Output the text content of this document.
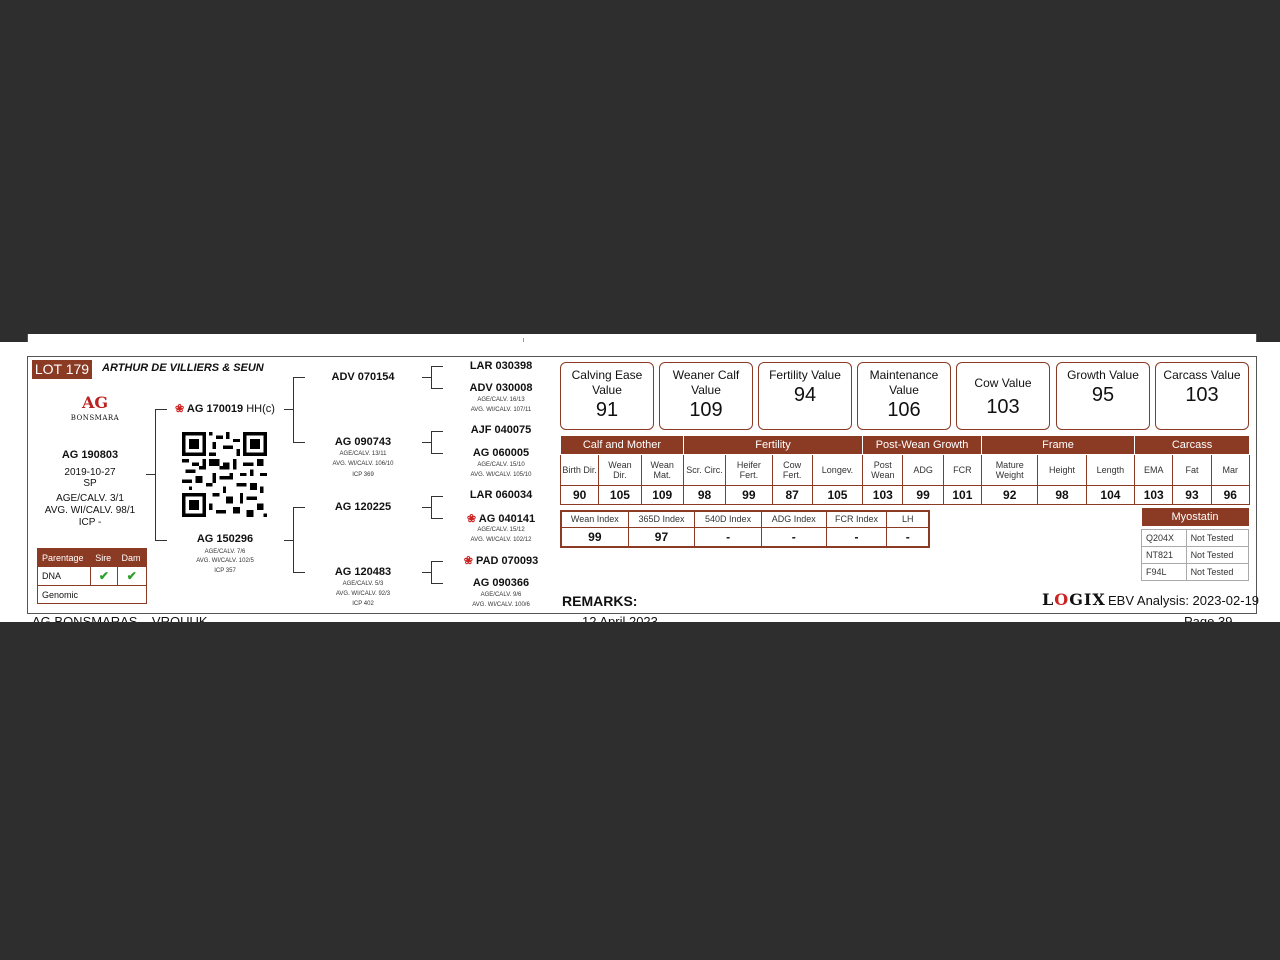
LOT 179 ARTHUR DE VILLIERS & SEUN
AG
BONSMARA
AG 190803
2019-10-27
SP
AGE/CALV. 3/1
AVG. WI/CALV. 98/1
ICP -
❀ AG 170019 HH(c)
AG 150296
AGE/CALV. 7/6
AVG. WI/CALV. 102/5
ICP 357
ADV 070154
AG 090743
AGE/CALV. 13/11
AVG. WI/CALV. 106/10
ICP 369
AG 120225
AG 120483
AGE/CALV. 5/3
AVG. WI/CALV. 92/3
ICP 402
LAR 030398
ADV 030008
AGE/CALV. 16/13
AVG. WI/CALV. 107/11
AJF 040075
AG 060005
AGE/CALV. 15/10
AVG. WI/CALV. 105/10
LAR 060034
❀ AG 040141
AGE/CALV. 15/12
AVG. WI/CALV. 102/12
❀ PAD 070093
AG 090366
AGE/CALV. 9/6
AVG. WI/CALV. 100/6
Parentage	Sire	Dam
DNA	✔	✔
Genomic		
Calving Ease Value
91
Weaner Calf Value
109
Fertility Value
94
Maintenance Value
106
Cow Value
103
Growth Value
95
Carcass Value
103
Calf and Mother			Fertility				Post-Wean Growth			Frame			Carcass		
Birth Dir.	Wean Dir.	Wean Mat.	Scr. Circ.	Heifer Fert.	Cow Fert.	Longev.	Post Wean	ADG	FCR	Mature Weight	Height	Length	EMA	Fat	Mar
90	105	109	98	99	87	105	103	99	101	92	98	104	103	93	96
Wean Index	365D Index	540D Index	ADG Index	FCR Index	LH
99	97	-	-	-	-
Myostatin	

Q204X	Not Tested
NT821	Not Tested
F94L	Not Tested
REMARKS:	LOGIX EBV Analysis: 2023-02-19
